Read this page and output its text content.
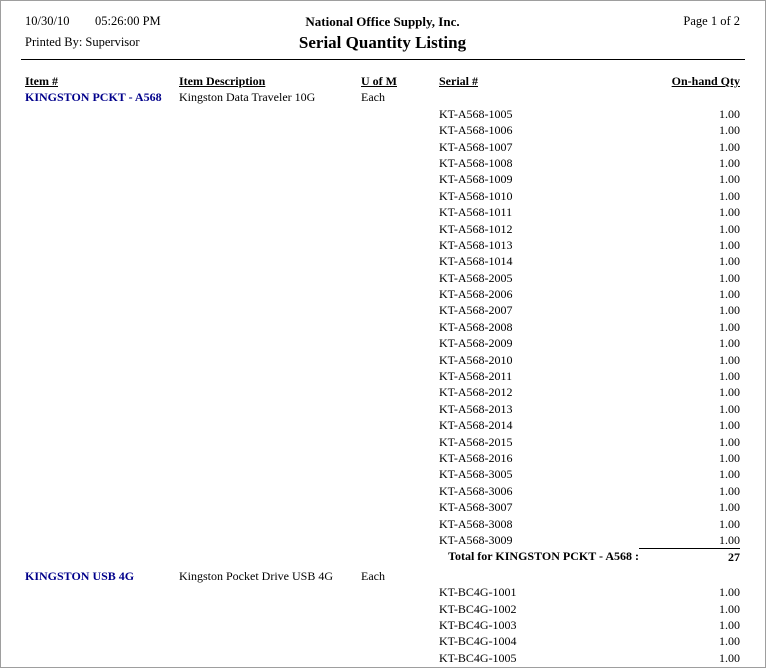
10/30/10 05:26:00 PM	National Office Supply, Inc.	Page 1 of 2
Printed By: Supervisor	Serial Quantity Listing
Item #	Item Description	U of M	Serial #	On-hand Qty
KINGSTON PCKT - A568	Kingston Data Traveler 10G	Each
KT-A568-1005	1.00
KT-A568-1006	1.00
KT-A568-1007	1.00
KT-A568-1008	1.00
KT-A568-1009	1.00
KT-A568-1010	1.00
KT-A568-1011	1.00
KT-A568-1012	1.00
KT-A568-1013	1.00
KT-A568-1014	1.00
KT-A568-2005	1.00
KT-A568-2006	1.00
KT-A568-2007	1.00
KT-A568-2008	1.00
KT-A568-2009	1.00
KT-A568-2010	1.00
KT-A568-2011	1.00
KT-A568-2012	1.00
KT-A568-2013	1.00
KT-A568-2014	1.00
KT-A568-2015	1.00
KT-A568-2016	1.00
KT-A568-3005	1.00
KT-A568-3006	1.00
KT-A568-3007	1.00
KT-A568-3008	1.00
KT-A568-3009	1.00
Total for KINGSTON PCKT - A568 :	27
KINGSTON USB 4G	Kingston Pocket Drive USB 4G	Each
KT-BC4G-1001	1.00
KT-BC4G-1002	1.00
KT-BC4G-1003	1.00
KT-BC4G-1004	1.00
KT-BC4G-1005	1.00
